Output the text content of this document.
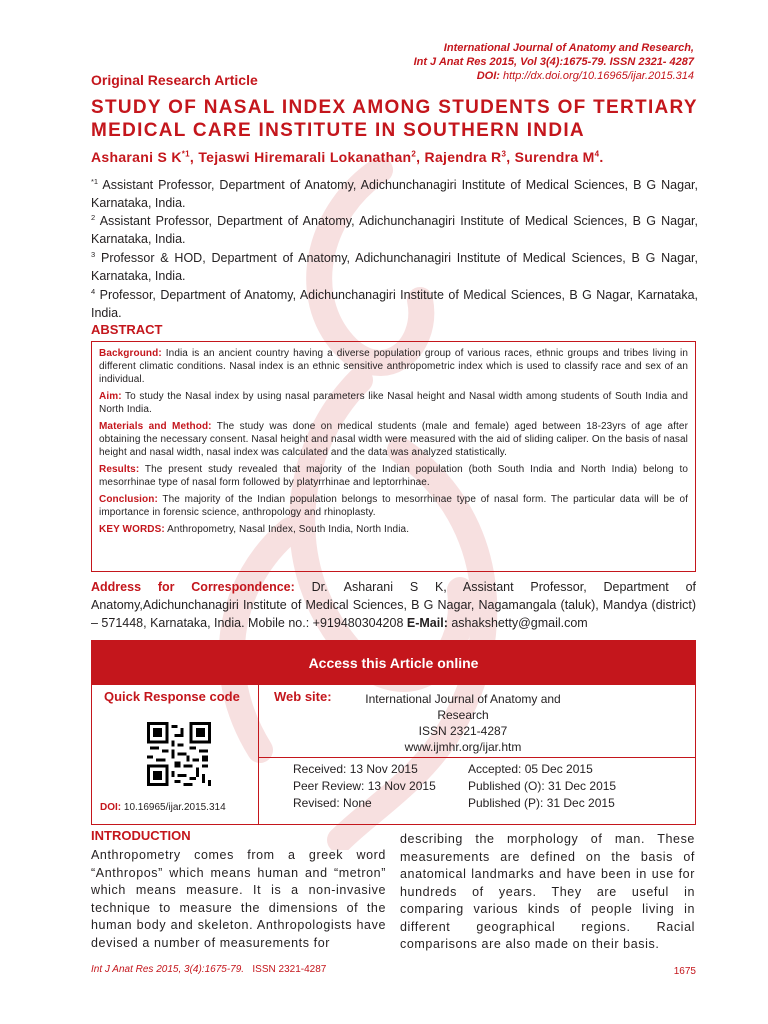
International Journal of Anatomy and Research,
Int J Anat Res 2015, Vol 3(4):1675-79. ISSN 2321- 4287
DOI: http://dx.doi.org/10.16965/ijar.2015.314
Original Research Article
STUDY OF NASAL INDEX AMONG STUDENTS OF TERTIARY MEDICAL CARE INSTITUTE IN SOUTHERN INDIA
Asharani S $K^{*1}$, Tejaswi Hiremarali Lokanathan$^2$, Rajendra $R^3$, Surendra $M^4$.
$^{*1}$ Assistant Professor, Department of Anatomy, Adichunchanagiri Institute of Medical Sciences, B G Nagar, Karnataka, India.
$^2$ Assistant Professor, Department of Anatomy, Adichunchanagiri Institute of Medical Sciences, B G Nagar, Karnataka, India.
$^3$ Professor & HOD, Department of Anatomy, Adichunchanagiri Institute of Medical Sciences, B G Nagar, Karnataka, India.
$^4$ Professor, Department of Anatomy, Adichunchanagiri Institute of Medical Sciences, B G Nagar, Karnataka, India.
ABSTRACT

Background: India is an ancient country having a diverse population group of various races, ethnic groups and tribes living in different climatic conditions. Nasal index is an ethnic sensitive anthropometric index which is used to classify race and sex of an individual.

Aim: To study the Nasal index by using nasal parameters like Nasal height and Nasal width among students of South India and North India.

Materials and Method: The study was done on medical students (male and female) aged between 18-23yrs of age after obtaining the necessary consent. Nasal height and nasal width were measured with the aid of sliding caliper. On the basis of nasal height and nasal width, nasal index was calculated and the data was analyzed statistically.

Results: The present study revealed that majority of the Indian population (both South India and North India) belong to mesorrhinae type of nasal form followed by platyrrhinae and leptorrhinae.

Conclusion: The majority of the Indian population belongs to mesorrhinae type of nasal form. The particular data will be of importance in forensic science, anthropology and rhinoplasty.

KEY WORDS: Anthropometry, Nasal Index, South India, North India.

Address for Correspondence: Dr. Asharani S K, Assistant Professor, Department of Anatomy,Adichunchanagiri Institute of Medical Sciences, B G Nagar, Nagamangala (taluk), Mandya (district) – 571448, Karnataka, India. Mobile no.: +919480304208 E-Mail: ashakshetty@gmail.com
Access this Article online
Quick Response code
DOI: 10.16965/ijar.2015.314
Web site:	International Journal of Anatomy and Research
ISSN 2321-4287
www.ijmhr.org/ijar.htm
Received: 13 Nov 2015	Accepted: 05 Dec 2015
Peer Review: 13 Nov 2015	Published (O): 31 Dec 2015
Revised: None	Published (P): 31 Dec 2015
INTRODUCTION
Anthropometry comes from a greek word “Anthropos” which means human and “metron” which means measure. It is a non-invasive technique to measure the dimensions of the human body and skeleton. Anthropologists have devised a number of measurements for
describing the morphology of man. These measurements are defined on the basis of anatomical landmarks and have been in use for hundreds of years. They are useful in comparing various kinds of people living in different geographical regions. Racial comparisons are also made on their basis.
Int J Anat Res 2015, 3(4):1675-79. ISSN 2321-4287	1675
